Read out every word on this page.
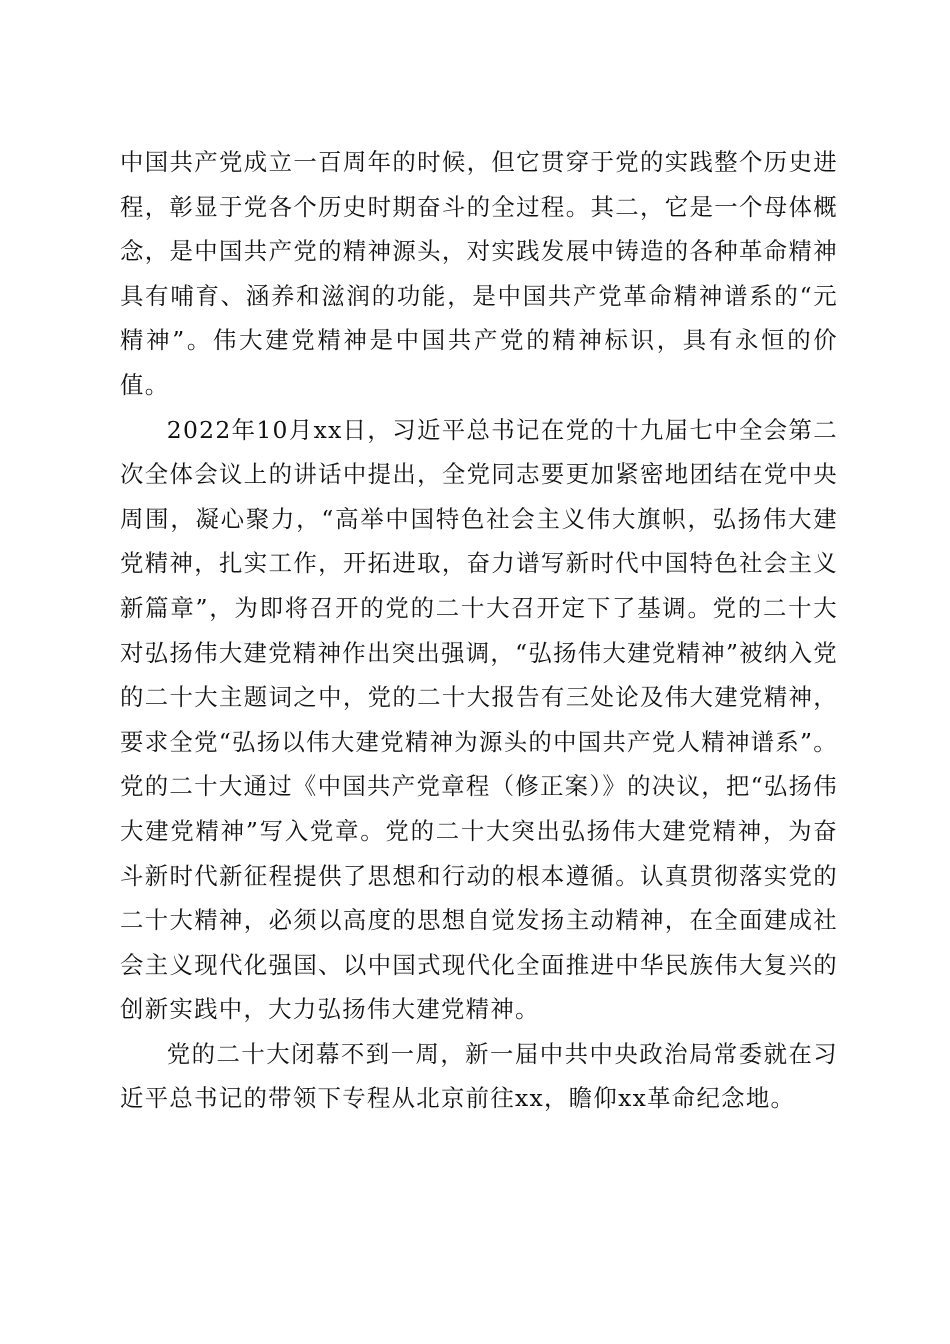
中国共产党成立一百周年的时候，但它贯穿于党的实践整个历史进程，彰显于党各个历史时期奋斗的全过程。其二，它是一个母体概念，是中国共产党的精神源头，对实践发展中铸造的各种革命精神具有哺育、涵养和滋润的功能，是中国共产党革命精神谱系的“元精神”。伟大建党精神是中国共产党的精神标识，具有永恒的价值。

2022年10月xx日，习近平总书记在党的十九届七中全会第二次全体会议上的讲话中提出，全党同志要更加紧密地团结在党中央周围，凝心聚力，“高举中国特色社会主义伟大旗帜，弘扬伟大建党精神，扎实工作，开拓进取，奋力谱写新时代中国特色社会主义新篇章”，为即将召开的党的二十大召开定下了基调。党的二十大对弘扬伟大建党精神作出突出强调，“弘扬伟大建党精神”被纳入党的二十大主题词之中，党的二十大报告有三处论及伟大建党精神，要求全党“弘扬以伟大建党精神为源头的中国共产党人精神谱系”。党的二十大通过《中国共产党章程（修正案）》的决议，把“弘扬伟大建党精神”写入党章。党的二十大突出弘扬伟大建党精神，为奋斗新时代新征程提供了思想和行动的根本遵循。认真贯彻落实党的二十大精神，必须以高度的思想自觉发扬主动精神，在全面建成社会主义现代化强国、以中国式现代化全面推进中华民族伟大复兴的创新实践中，大力弘扬伟大建党精神。

党的二十大闭幕不到一周，新一届中共中央政治局常委就在习近平总书记的带领下专程从北京前往xx，瞻仰xx革命纪念地。
